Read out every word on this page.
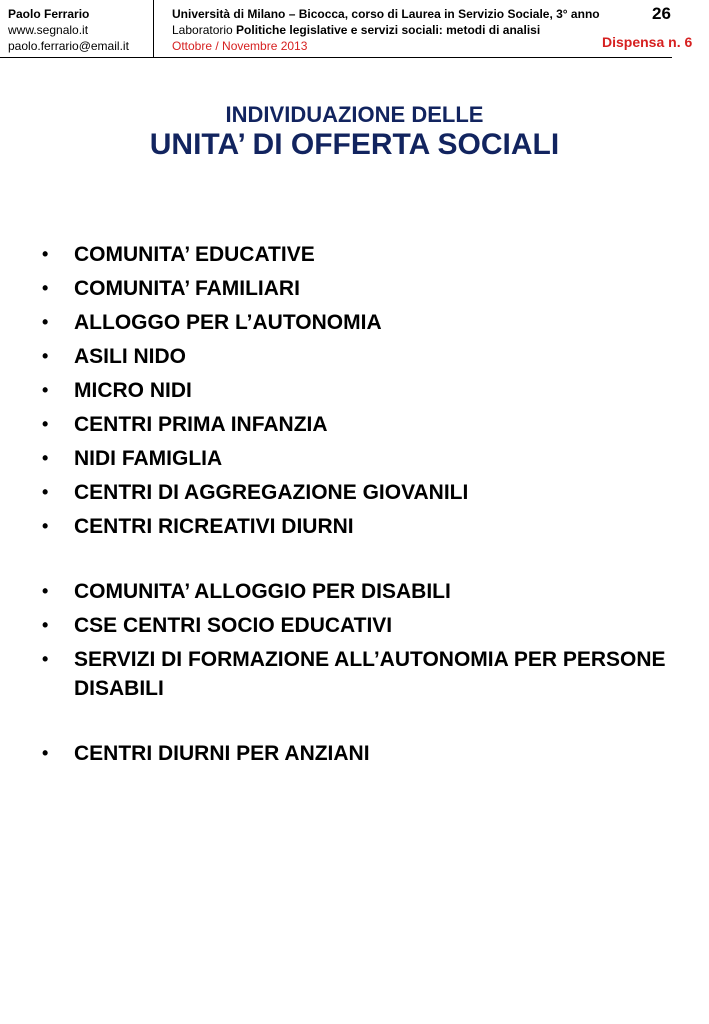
Paolo Ferrario
www.segnalo.it
paolo.ferrario@email.it
Università di Milano – Bicocca, corso di Laurea in Servizio Sociale, 3° anno
Laboratorio Politiche legislative e servizi sociali: metodi di analisi
Ottobre / Novembre 2013
26
Dispensa n. 6
INDIVIDUAZIONE DELLE
UNITA’ DI OFFERTA SOCIALI
• COMUNITA’ EDUCATIVE
• COMUNITA’ FAMILIARI
• ALLOGGO PER L’AUTONOMIA
• ASILI NIDO
• MICRO NIDI
• CENTRI PRIMA INFANZIA
• NIDI FAMIGLIA
• CENTRI DI AGGREGAZIONE GIOVANILI
• CENTRI RICREATIVI DIURNI
• COMUNITA’ ALLOGGIO PER DISABILI
• CSE CENTRI SOCIO EDUCATIVI
• SERVIZI DI FORMAZIONE ALL’AUTONOMIA PER PERSONE DISABILI
• CENTRI DIURNI PER ANZIANI
